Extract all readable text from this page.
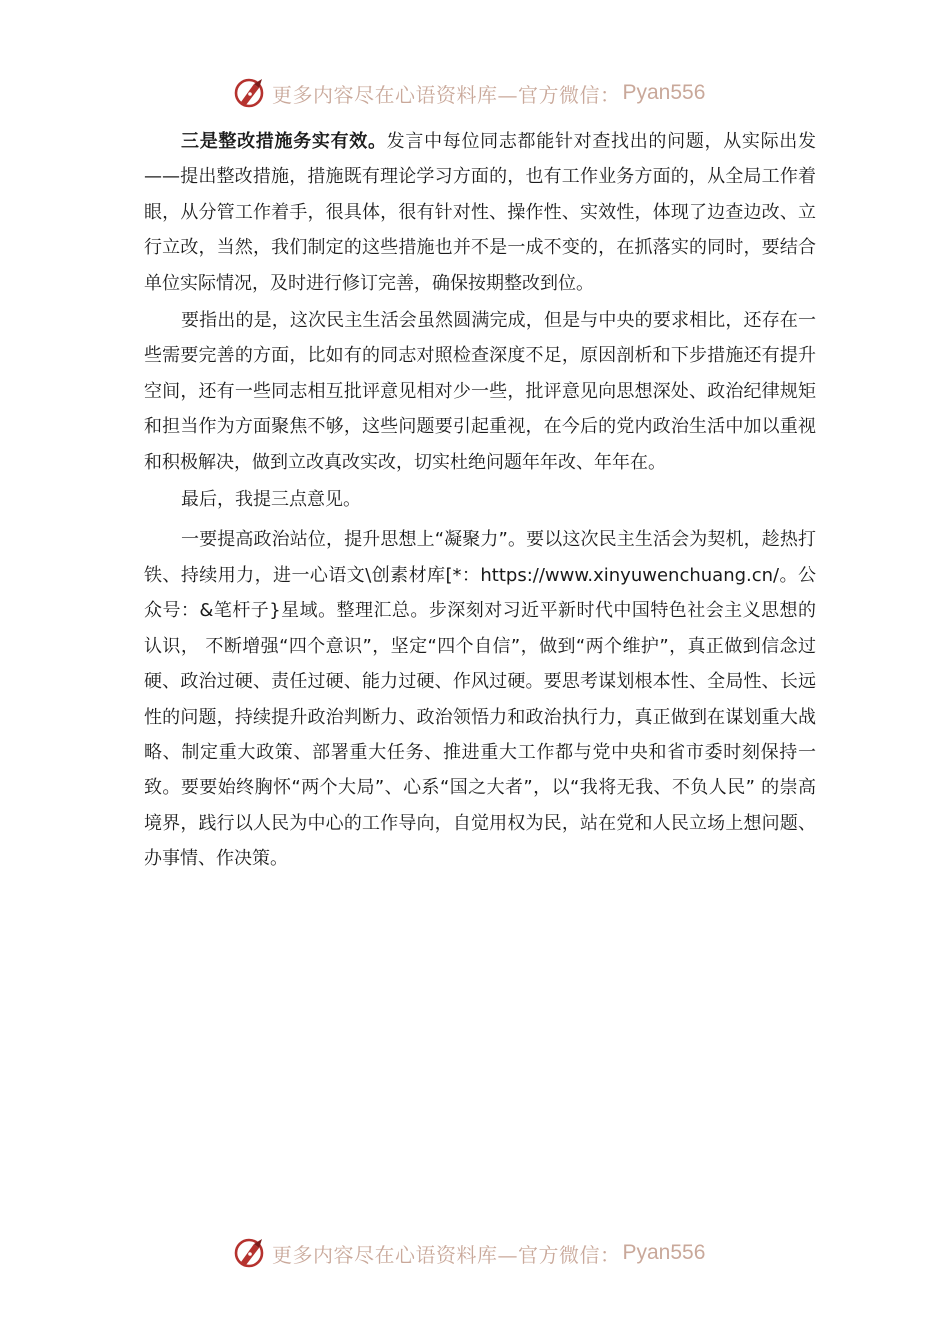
更多内容尽在心语资料库—官方微信： Pyan556

三是整改措施务实有效。发言中每位同志都能针对查找出的问题，从实际出发——提出整改措施，措施既有理论学习方面的，也有工作业务方面的，从全局工作着眼，从分管工作着手，很具体，很有针对性、操作性、实效性，体现了边查边改、立行立改，当然，我们制定的这些措施也并不是一成不变的，在抓落实的同时，要结合单位实际情况，及时进行修订完善，确保按期整改到位。

要指出的是，这次民主生活会虽然圆满完成，但是与中央的要求相比，还存在一些需要完善的方面，比如有的同志对照检查深度不足，原因剖析和下步措施还有提升空间，还有一些同志相互批评意见相对少一些，批评意见向思想深处、政治纪律规矩和担当作为方面聚焦不够，这些问题要引起重视，在今后的党内政治生活中加以重视和积极解决，做到立改真改实改，切实杜绝问题年年改、年年在。

最后，我提三点意见。

一要提高政治站位，提升思想上“凝聚力”。要以这次民主生活会为契机，趁热打铁、持续用力，进一心语文\创素材库[*：https://www.xinyuwenchuang.cn/。公众号：&笔杆子}星域。整理汇总。步深刻对习近平新时代中国特色社会主义思想的认识， 不断增强“四个意识”，坚定“四个自信”，做到“两个维护”，真正做到信念过硬、政治过硬、责任过硬、能力过硬、作风过硬。要思考谋划根本性、全局性、长远性的问题，持续提升政治判断力、政治领悟力和政治执行力，真正做到在谋划重大战略、制定重大政策、部署重大任务、推进重大工作都与党中央和省市委时刻保持一致。要要始终胸怀“两个大局”、心系“国之大者”，以“我将无我、不负人民” 的崇高境界，践行以人民为中心的工作导向，自觉用权为民，站在党和人民立场上想问题、办事情、作决策。

更多内容尽在心语资料库—官方微信： Pyan556
